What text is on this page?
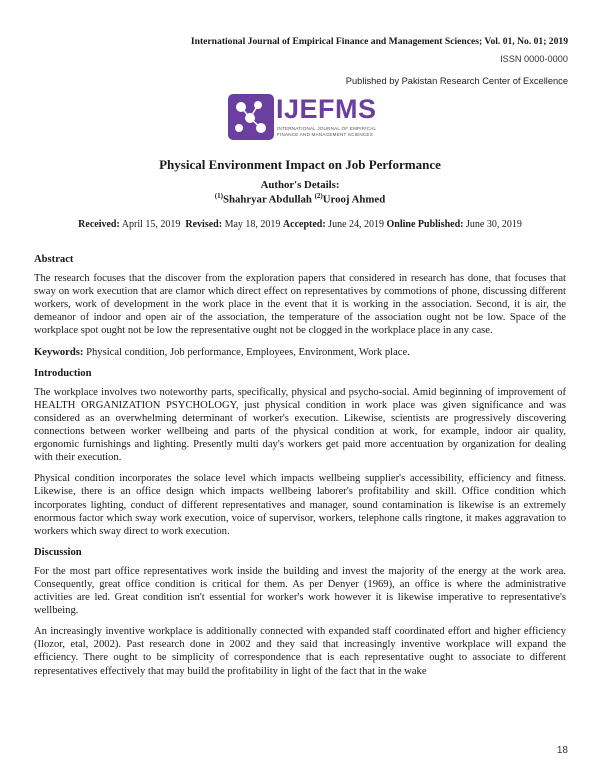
International Journal of Empirical Finance and Management Sciences; Vol. 01, No. 01; 2019
ISSN 0000-0000
Published by Pakistan Research Center of Excellence
IJEFMS
INTERNATIONAL JOURNAL OF EMPIRICAL
FINANCE AND MANAGEMENT SCIENCES
Physical Environment Impact on Job Performance
Author's Details:
$^{(1)}$Shahryar Abdullah $^{(2)}$Urooj Ahmed
Received: April 15, 2019 Revised: May 18, 2019 Accepted: June 24, 2019 Online Published: June 30, 2019
Abstract

The research focuses that the discover from the exploration papers that considered in research has done, that focuses that sway on work execution that are clamor which direct effect on representatives by commotions of phone, discussing different workers, work of development in the work place in the event that it is working in the association. Second, it is air, the demeanor of indoor and open air of the association, the temperature of the association ought not be low. Space of the workplace spot ought not be low the representative ought not be clogged in the workplace place in any case.

Keywords: Physical condition, Job performance, Employees, Environment, Work place.

Introduction

The workplace involves two noteworthy parts, specifically, physical and psycho-social. Amid beginning of improvement of HEALTH ORGANIZATION PSYCHOLOGY, just physical condition in work place was given significance and was considered as an overwhelming determinant of worker's execution. Likewise, scientists are progressively discovering connections between worker wellbeing and parts of the physical condition at work, for example, indoor air quality, ergonomic furnishings and lighting. Presently multi day's workers get paid more accentuation by organization for dealing with their execution.

Physical condition incorporates the solace level which impacts wellbeing supplier's accessibility, efficiency and fitness. Likewise, there is an office design which impacts wellbeing laborer's profitability and skill. Office condition which incorporates lighting, conduct of different representatives and manager, sound contamination is likewise is an extremely enormous factor which sway work execution, voice of supervisor, workers, telephone calls ringtone, it makes aggravation to workers which sway direct to work execution.

Discussion

For the most part office representatives work inside the building and invest the majority of the energy at the work area. Consequently, great office condition is critical for them. As per Denyer (1969), an office is where the administrative activities are led. Great condition isn't essential for worker's work however it is likewise imperative to representative's wellbeing.

An increasingly inventive workplace is additionally connected with expanded staff coordinated effort and higher efficiency (Ilozor, etal, 2002). Past research done in 2002 and they said that increasingly inventive workplace will expand the efficiency. There ought to be simplicity of correspondence that is each representative ought to associate to different representatives effectively that may build the profitability in light of the fact that in the wake

18
